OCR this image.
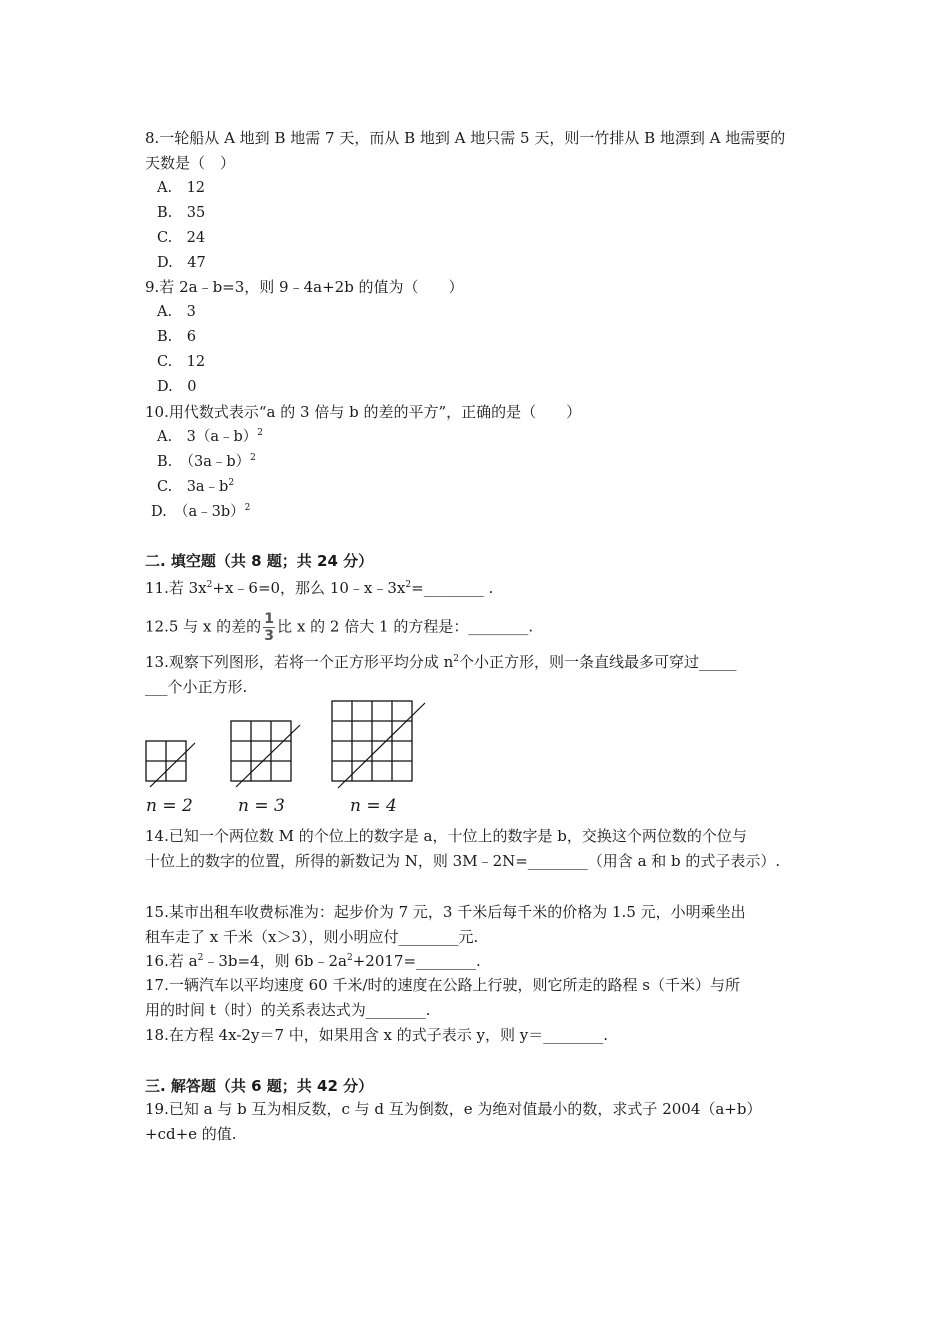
8.一轮船从 A 地到 B 地需 7 天，而从 B 地到 A 地只需 5 天，则一竹排从 B 地漂到 A 地需要的
天数是（　）
A.　12
B.　35
C.　24
D.　47
9.若 2a﹣b=3，则 9﹣4a+2b 的值为（　　）
A.　3
B.　6
C.　12
D.　0
10.用代数式表示“a 的 3 倍与 b 的差的平方”，正确的是（　　）
A.　3（a﹣b）$^2$
B.　（3a﹣b）$^2$
C.　$3a﹣b^2$
D.　（a﹣3b）$^2$
二. 填空题（共 8 题；共 24 分）
11.若 $3x^2+x﹣6=0$，那么 $10﹣x﹣3x^2=\_\_\_\_\_\_\_\_$ .
12.5 与 x 的差的 $\frac{1}{3}$ 比 x 的 2 倍大 1 的方程是：________.
13.观察下列图形，若将一个正方形平均分成 $n^2$个小正方形，则一条直线最多可穿过_____
___个小正方形.
n = 2	n = 3	n = 4
14.已知一个两位数 M 的个位上的数字是 a，十位上的数字是 b，交换这个两位数的个位与
十位上的数字的位置，所得的新数记为 N，则 3M﹣2N=________（用含 a 和 b 的式子表示）.
15.某市出租车收费标准为：起步价为 7 元，3 千米后每千米的价格为 1.5 元，小明乘坐出
租车走了 x 千米（x＞3），则小明应付________元.
16.若 $a^2﹣3b=4$，则 $6b﹣2a^2+2017=\_\_\_\_\_\_\_\_$.
17.一辆汽车以平均速度 60 千米/时的速度在公路上行驶，则它所走的路程 s（千米）与所
用的时间 t（时）的关系表达式为________.
18.在方程 4x-2y＝7 中，如果用含 x 的式子表示 y，则 y＝________.
三. 解答题（共 6 题；共 42 分）
19.已知 a 与 b 互为相反数，c 与 d 互为倒数，e 为绝对值最小的数，求式子 2004（a+b）
+cd+e 的值.
